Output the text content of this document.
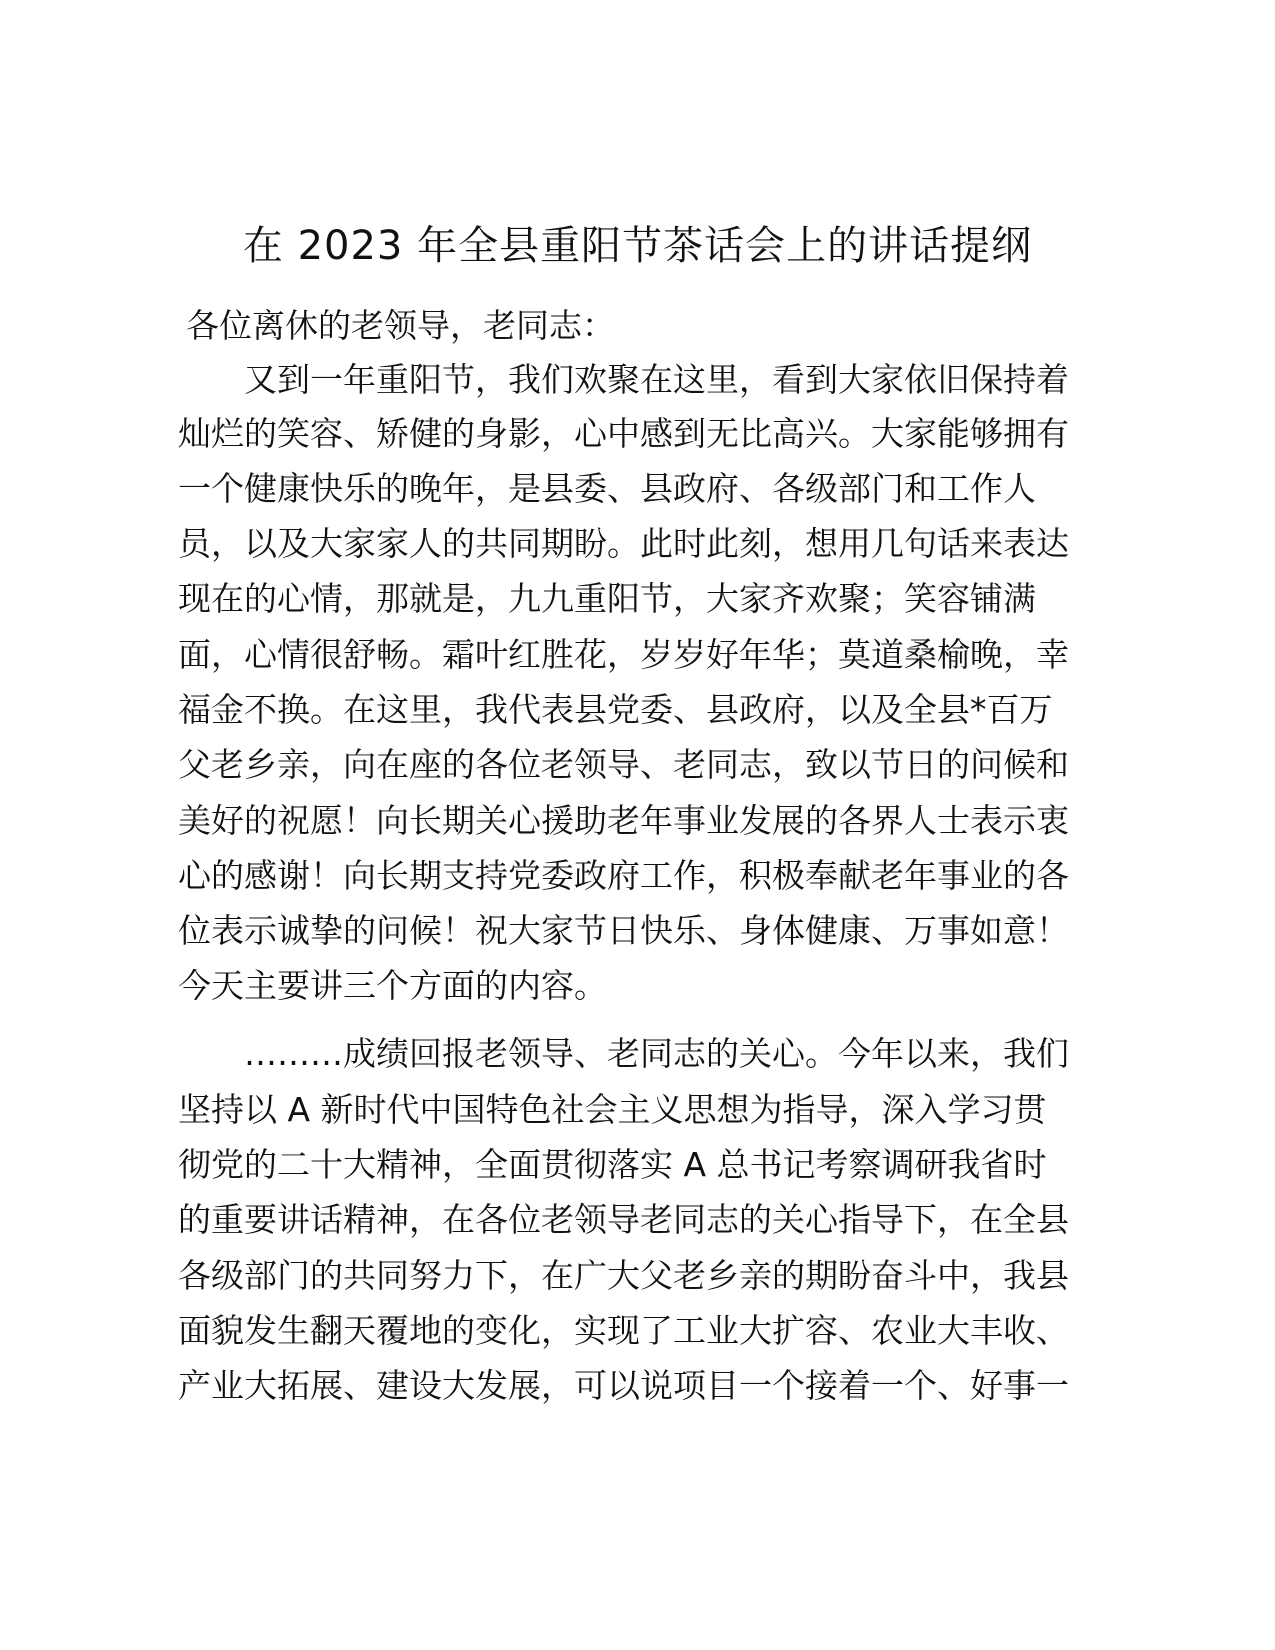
在 2023 年全县重阳节茶话会上的讲话提纲
各位离休的老领导，老同志：
又到一年重阳节，我们欢聚在这里，看到大家依旧保持着
灿烂的笑容、矫健的身影，心中感到无比高兴。大家能够拥有
一个健康快乐的晚年，是县委、县政府、各级部门和工作人
员，以及大家家人的共同期盼。此时此刻，想用几句话来表达
现在的心情，那就是，九九重阳节，大家齐欢聚；笑容铺满
面，心情很舒畅。霜叶红胜花，岁岁好年华；莫道桑榆晚，幸
福金不换。在这里，我代表县党委、县政府，以及全县*百万
父老乡亲，向在座的各位老领导、老同志，致以节日的问候和
美好的祝愿！向长期关心援助老年事业发展的各界人士表示衷
心的感谢！向长期支持党委政府工作，积极奉献老年事业的各
位表示诚挚的问候！祝大家节日快乐、身体健康、万事如意！
今天主要讲三个方面的内容。
………成绩回报老领导、老同志的关心。今年以来，我们
坚持以 A 新时代中国特色社会主义思想为指导，深入学习贯
彻党的二十大精神，全面贯彻落实 A 总书记考察调研我省时
的重要讲话精神，在各位老领导老同志的关心指导下，在全县
各级部门的共同努力下，在广大父老乡亲的期盼奋斗中，我县
面貌发生翻天覆地的变化，实现了工业大扩容、农业大丰收、
产业大拓展、建设大发展，可以说项目一个接着一个、好事一
